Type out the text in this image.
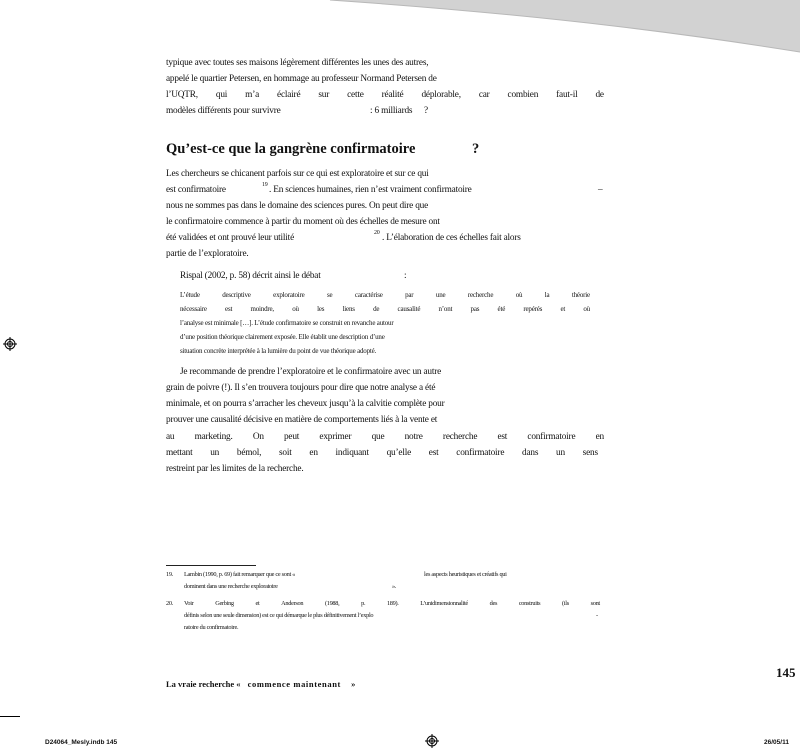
typique avec toutes ses maisons légèrement différentes les unes des autres,
appelé le quartier Petersen, en hommage au professeur Normand Petersen de
l’UQTR, qui m’a éclairé sur cette réalité déplorable, car combien faut-il de
modèles différents pour survivre	: 6 milliards ?
Qu’est-ce que la gangrène confirmatoire	?
Les chercheurs se chicanent parfois sur ce qui est exploratoire et sur ce qui
est confirmatoire	19 . En sciences humaines, rien n’est vraiment confirmatoire	–
nous ne sommes pas dans le domaine des sciences pures. On peut dire que
le confirmatoire commence à partir du moment où des échelles de mesure ont
été validées et ont prouvé leur utilité	20 . L’élaboration de ces échelles fait alors
partie de l’exploratoire.
Rispal (2002, p. 58) décrit ainsi le débat	:
L’étude	descriptive	exploratoire	se	caractérise	par	une	recherche	où	la	théorie
nécessaire	est	moindre,	où	les	liens	de	causalité	n’ont	pas	été	repérés	et	où
l’analyse est minimale […]. L’étude confirmatoire se construit en revanche autour
d’une position théorique clairement exposée. Elle établit une description d’une
situation concrète interprétée à la lumière du point de vue théorique adopté.
Je recommande de prendre l’exploratoire et le confirmatoire avec un autre
grain de poivre (!). Il s’en trouvera toujours pour dire que notre analyse a été
minimale, et on pourra s’arracher les cheveux jusqu’à la calvitie complète pour
prouver une causalité décisive en matière de comportements liés à la vente et
au marketing. On peut exprimer que notre recherche est confirmatoire en
mettant un bémol, soit en indiquant qu’elle est confirmatoire dans un sens
restreint par les limites de la recherche.
19. Lambin (1990, p. 69) fait remarquer que ce sont «	les aspects heuristiques et créatifs qui
dominent dans une recherche exploratoire	».
20. Voir	Gerbing	et	Anderson	(1988,	p.	189).	L’unidimensionnalité	des	construits	(ils	sont
définis selon une seule dimension) est ce qui démarque le plus définitivement l’explo	-
ratoire du confirmatoire.
145
La vraie recherche « commence maintenant »
D24064_Mesly.indb 145	26/05/11
